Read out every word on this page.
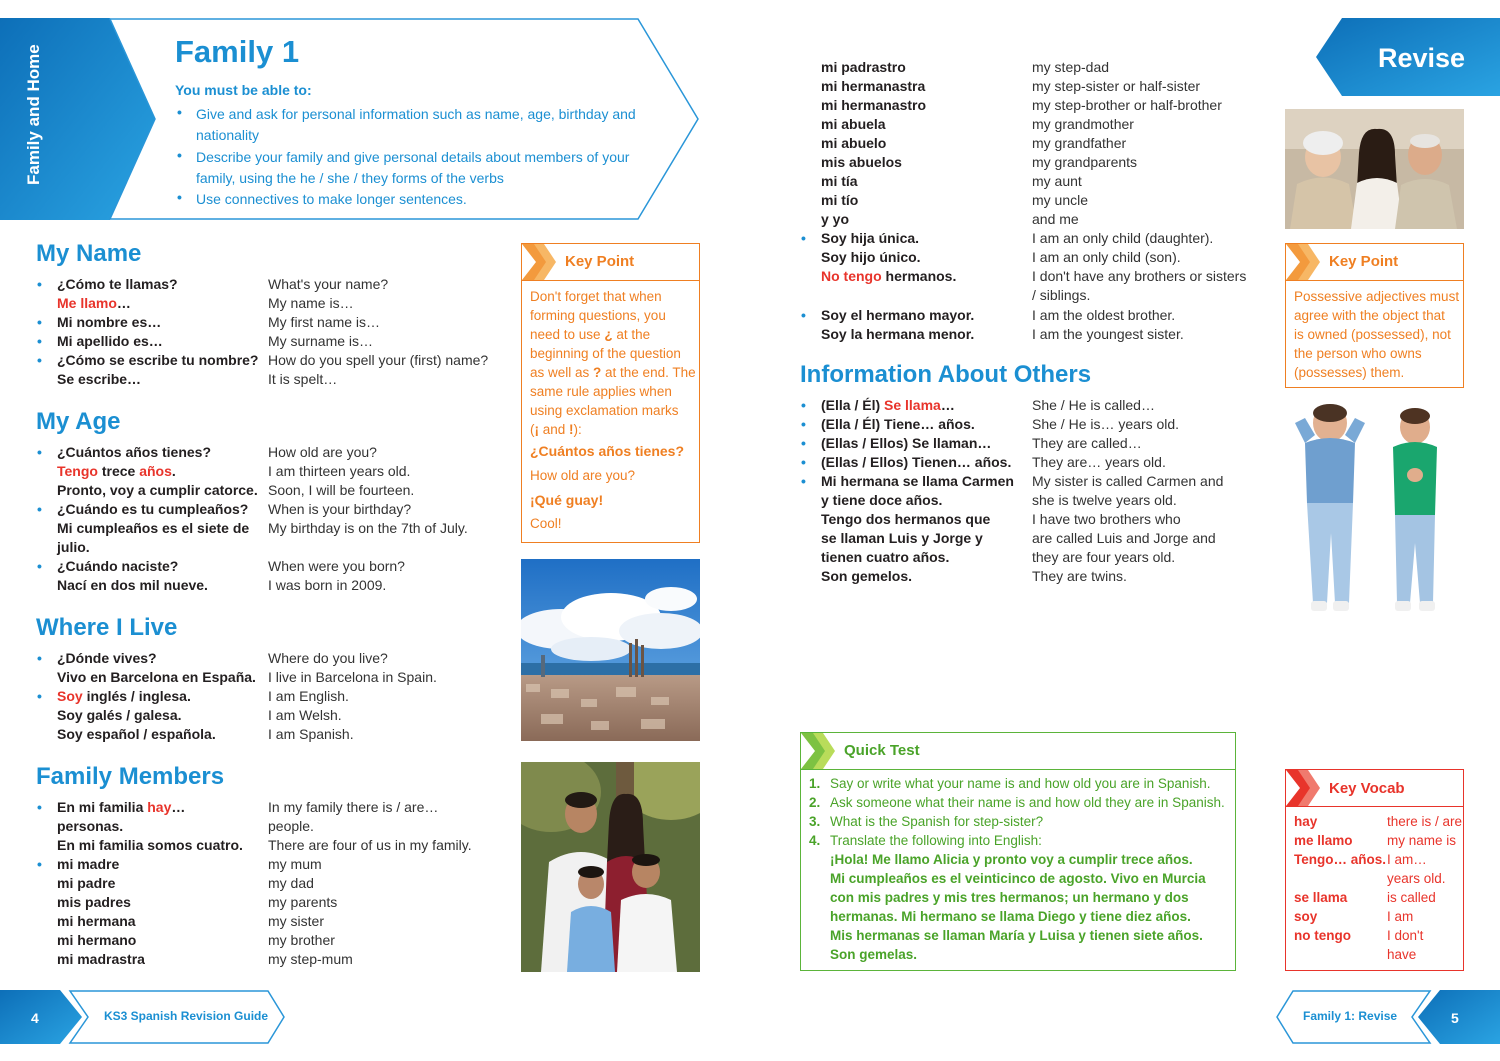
Family and Home	Family 1
You must be able to:
• Give and ask for personal information such as name, age, birthday and
nationality
• Describe your family and give personal details about members of your
family, using the he / she / they forms of the verbs
• Use connectives to make longer sentences.
Revise
My Name
My Age
Where I Live
Family Members
Information About Others
• ¿Cómo te llamas?	What's your name?
Me llamo…	My name is…
• Mi nombre es…	My first name is…
• Mi apellido es…	My surname is…
• ¿Cómo se escribe tu nombre? How do you spell your (first) name?
Se escribe…	It is spelt…
• ¿Cuántos años tienes?	How old are you?
Tengo trece años.	I am thirteen years old.
Pronto, voy a cumplir catorce. Soon, I will be fourteen.
• ¿Cuándo es tu cumpleaños? When is your birthday?
Mi cumpleaños es el siete de My birthday is on the 7th of July.
julio.
• ¿Cuándo naciste?	When were you born?
Nací en dos mil nueve.	I was born in 2009.
• ¿Dónde vives?	Where do you live?
Vivo en Barcelona en España. I live in Barcelona in Spain.
• Soy inglés / inglesa.	I am English.
Soy galés / galesa.	I am Welsh.
Soy español / española.	I am Spanish.
• En mi familia hay…	In my family there is / are…
personas.	people.
En mi familia somos cuatro. There are four of us in my family.
• mi madre	my mum
mi padre	my dad
mis padres	my parents
mi hermana	my sister
mi hermano	my brother
mi madrastra	my step-mum
mi padrastro	my step-dad
mi hermanastra	my step-sister or half-sister
mi hermanastro	my step-brother or half-brother
mi abuela	my grandmother
mi abuelo	my grandfather
mis abuelos	my grandparents
mi tía	my aunt
mi tío	my uncle
y yo	and me
• Soy hija única.	I am an only child (daughter).
Soy hijo único.	I am an only child (son).
No tengo hermanos.	I don't have any brothers or sisters
/ siblings.
• Soy el hermano mayor.	I am the oldest brother.
Soy la hermana menor.	I am the youngest sister.
• (Ella / Él) Se llama…	She / He is called…
• (Ella / Él) Tiene… años.	She / He is… years old.
• (Ellas / Ellos) Se llaman…	They are called…
• (Ellas / Ellos) Tienen… años. They are… years old.
• Mi hermana se llama Carmen My sister is called Carmen and
y tiene doce años.	she is twelve years old.
Tengo dos hermanos que	I have two brothers who
se llaman Luis y Jorge y	are called Luis and Jorge and
tienen cuatro años.	they are four years old.
Son gemelos.	They are twins.
Key Point
Don't forget that when
forming questions, you
need to use ¿ at the
beginning of the question
as well as ? at the end. The
same rule applies when
using exclamation marks
(¡ and !):
¿Cuántos años tienes?
How old are you?
¡Qué guay!
Cool!
Key Point
Possessive adjectives must
agree with the object that
is owned (possessed), not
the person who owns
(possesses) them.
Quick Test
1. Say or write what your name is and how old you are in Spanish.
2. Ask someone what their name is and how old they are in Spanish.
3. What is the Spanish for step-sister?
4. Translate the following into English:
¡Hola! Me llamo Alicia y pronto voy a cumplir trece años.
Mi cumpleaños es el veinticinco de agosto. Vivo en Murcia
con mis padres y mis tres hermanos; un hermano y dos
hermanas. Mi hermano se llama Diego y tiene diez años.
Mis hermanas se llaman María y Luisa y tienen siete años.
Son gemelas.
Key Vocab
hay	there is / are
me llamo	my name is
Tengo… años. I am…
years old.
se llama	is called
soy	I am
no tengo	I don't
have
4	KS3 Spanish Revision Guide	Family 1: Revise	5
